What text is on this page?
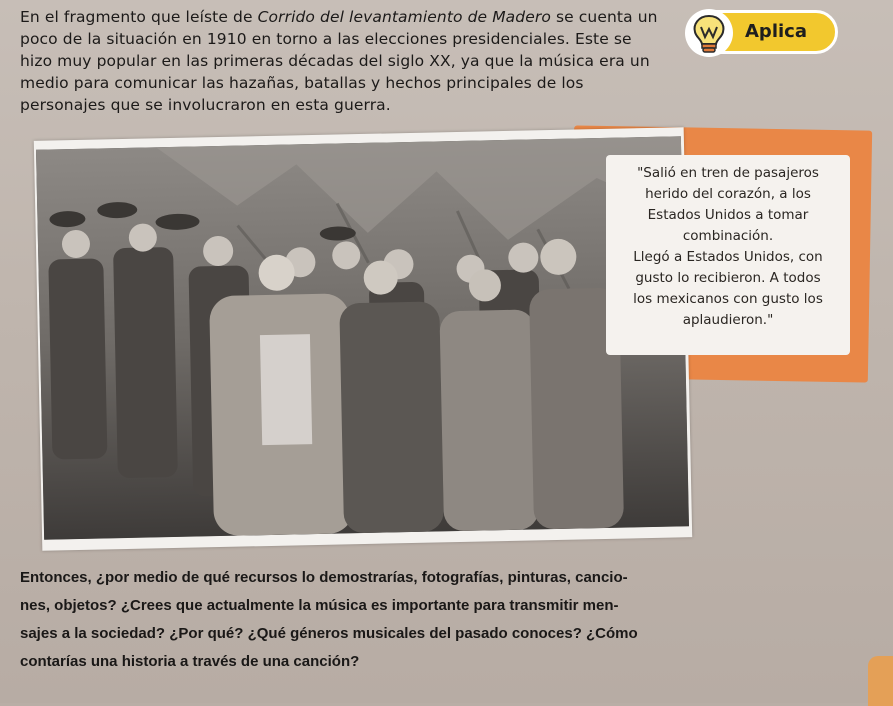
En el fragmento que leíste de Corrido del levantamiento de Madero se cuenta un poco de la situación en 1910 en torno a las elecciones presidenciales. Este se hizo muy popular en las primeras décadas del siglo XX, ya que la música era un medio para comunicar las hazañas, batallas y hechos principales de los personajes que se involucraron en esta guerra.
Aplica
"Salió en tren de pasajeros
herido del corazón, a los
Estados Unidos a tomar
combinación.
Llegó a Estados Unidos, con
gusto lo recibieron. A todos
los mexicanos con gusto los
aplaudieron."
Entonces, ¿por medio de qué recursos lo demostrarías, fotografías, pinturas, cancio-
nes, objetos? ¿Crees que actualmente la música es importante para transmitir men-
sajes a la sociedad? ¿Por qué? ¿Qué géneros musicales del pasado conoces? ¿Cómo
contarías una historia a través de una canción?
